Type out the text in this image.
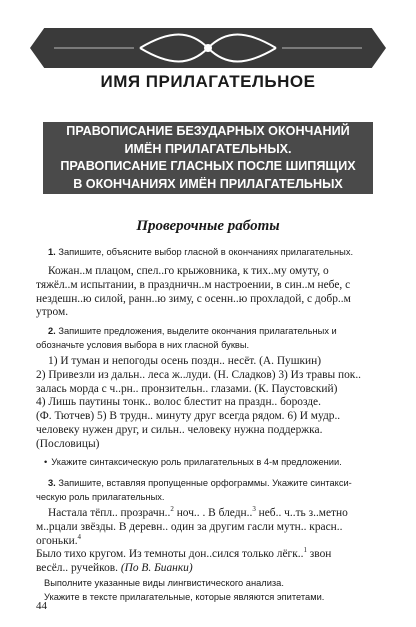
ИМЯ ПРИЛАГАТЕЛЬНОЕ
ПРАВОПИСАНИЕ БЕЗУДАРНЫХ ОКОНЧАНИЙ
ИМЁН ПРИЛАГАТЕЛЬНЫХ.
ПРАВОПИСАНИЕ ГЛАСНЫХ ПОСЛЕ ШИПЯЩИХ
В ОКОНЧАНИЯХ ИМЁН ПРИЛАГАТЕЛЬНЫХ
Проверочные работы
1. Запишите, объясните выбор гласной в окончаниях прилагательных.
Кожан..м плацом, спел..го крыжовника, к тих..му омуту, о
тяжёл..м испытании, в праздничн..м настроении, в син..м небе, с
нездешн..ю силой, ранн..ю зиму, с осенн..ю прохладой, с добр..м
утром.
2. Запишите предложения, выделите окончания прилагательных и
обозначьте условия выбора в них гласной буквы.
1) И туман и непогоды осень поздн.. несёт. (А. Пушкин)
2) Привезли из дальн.. леса ж..луди. (Н. Сладков) 3) Из травы пок..
залась морда с ч..рн.. пронзительн.. глазами. (К. Паустовский)
4) Лишь паутины тонк.. волос блестит на праздн.. борозде.
(Ф. Тютчев) 5) В трудн.. минуту друг всегда рядом. 6) И мудр..
человеку нужен друг, и сильн.. человеку нужна поддержка.
(Пословицы)
• Укажите синтаксическую роль прилагательных в 4-м предложении.
3. Запишите, вставляя пропущенные орфограммы. Укажите синтакси-
ческую роль прилагательных.
Настала тёпл.. прозрачн..$^2$ ноч.. . В бледн..$^3$ неб.. ч..ть з..метно
м..рцали звёзды. В деревн.. один за другим гасли мутн.. красн..
огоньки.$^4$
Было тихо кругом. Из темноты дон..сился только лёгк..$^1$ звон
весёл.. ручейков. (По В. Бианки)
Выполните указанные виды лингвистического анализа.
Укажите в тексте прилагательные, которые являются эпитетами.
44
